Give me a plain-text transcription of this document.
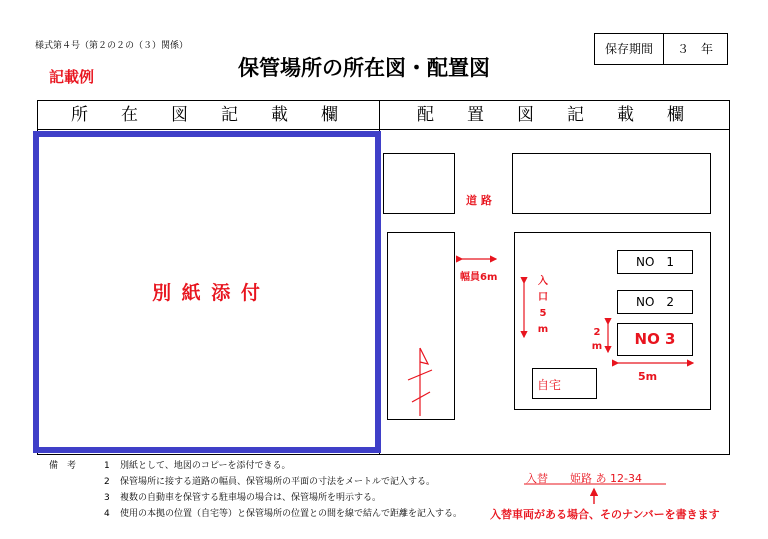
様式第４号（第２の２の（３）関係）
記載例	保管場所の所在図・配置図
保存期間	３　年
所　在　図　記　載　欄	配　置　図　記　載　欄
別 紙 添 付
道 路
幅員6m	入
口
5
m
NO　1
NO　2
NO 3
2
m
5m
自宅
備　考	1 別紙として、地図のコピーを添付できる。
2 保管場所に接する道路の幅員、保管場所の平面の寸法をメートルで記入する。
3 複数の自動車を保管する駐車場の場合は、保管場所を明示する。
4 使用の本拠の位置（自宅等）と保管場所の位置との間を線で結んで距離を記入する。
入替 姫路 あ 12-34
入替車両がある場合、そのナンバーを書きます
